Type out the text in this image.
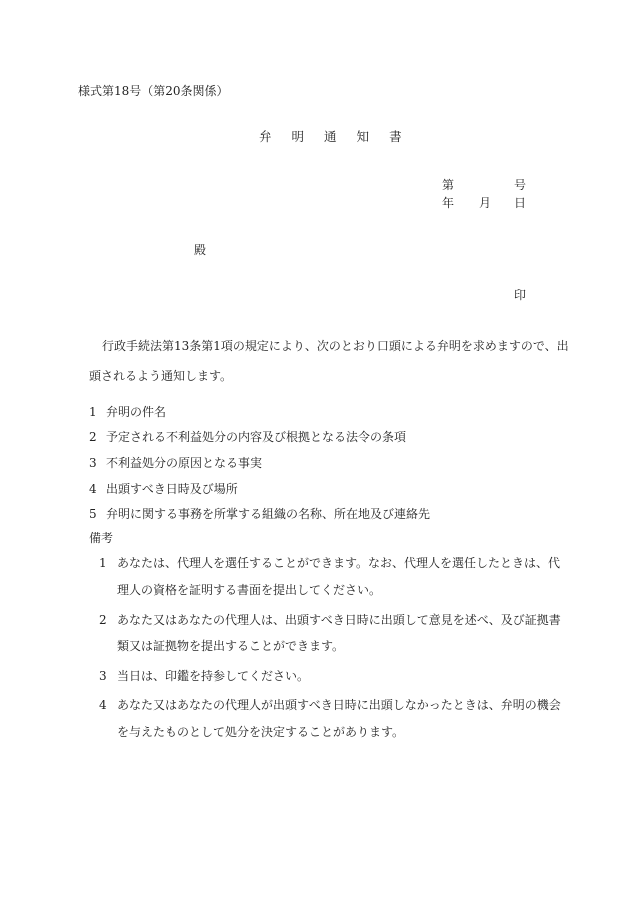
様式第18号（第20条関係）
弁 明 通 知 書
第	号
年 月 日
殿
印
行政手続法第13条第1項の規定により、次のとおり口頭による弁明を求めますので、出
頭されるよう通知します。
1 弁明の件名
2 予定される不利益処分の内容及び根拠となる法令の条項
3 不利益処分の原因となる事実
4 出頭すべき日時及び場所
5 弁明に関する事務を所掌する組織の名称、所在地及び連絡先
備考
1 あなたは、代理人を選任することができます。なお、代理人を選任したときは、代
理人の資格を証明する書面を提出してください。
2 あなた又はあなたの代理人は、出頭すべき日時に出頭して意見を述べ、及び証拠書
類又は証拠物を提出することができます。
3 当日は、印鑑を持参してください。
4 あなた又はあなたの代理人が出頭すべき日時に出頭しなかったときは、弁明の機会
を与えたものとして処分を決定することがあります。
